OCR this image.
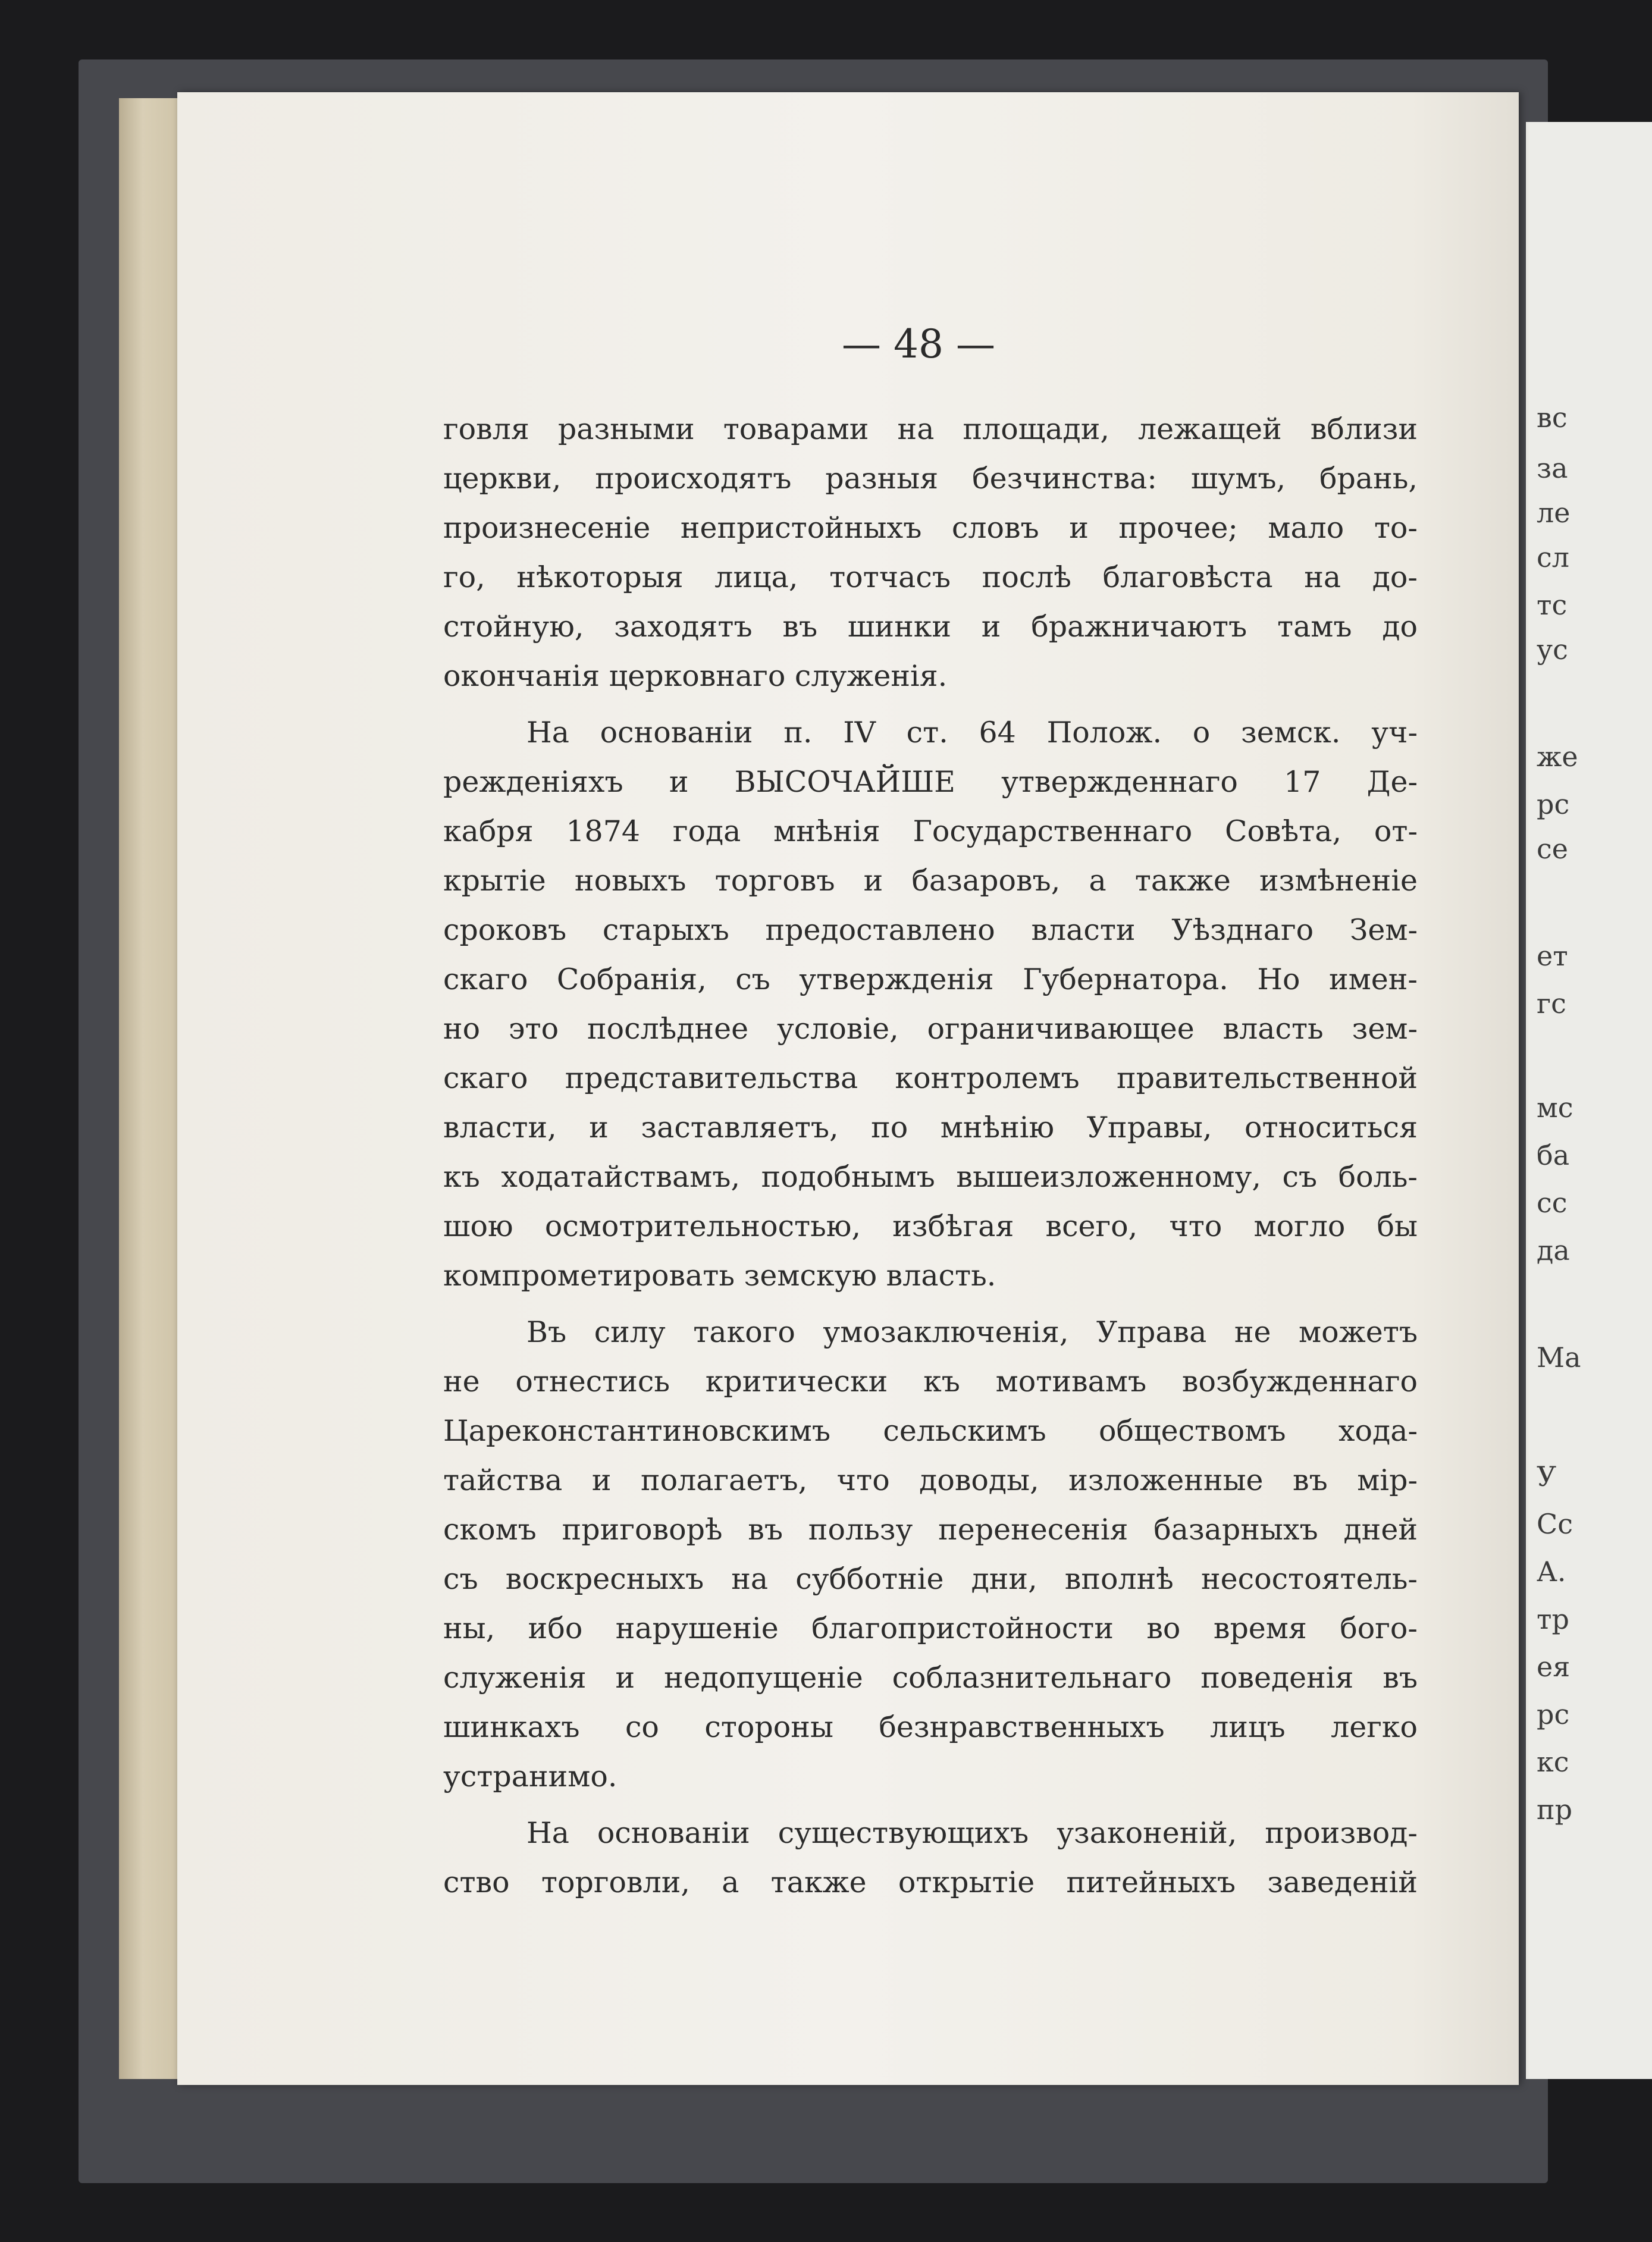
вс
за
ле
сл
тс
ус
же
рс
се
ет
гс
мс
ба
сс
да
Ма
У
Сс
А.
тр
ея
рс
кс
пр
— 48 —
говля разными товарами на площади, лежащей вблизи
церкви, происходятъ разныя безчинства: шумъ, брань,
произнесеніе непристойныхъ словъ и прочее; мало то-
го, нѣкоторыя лица, тотчасъ послѣ благовѣста на до-
стойную, заходятъ въ шинки и бражничаютъ тамъ до
окончанія церковнаго служенія.
На основаніи п. IV ст. 64 Полож. о земск. уч-
режденіяхъ и ВЫСОЧАЙШЕ утвержденнаго 17 Де-
кабря 1874 года мнѣнія Государственнаго Совѣта, от-
крытіе новыхъ торговъ и базаровъ, а также измѣненіе
сроковъ старыхъ предоставлено власти Уѣзднаго Зем-
скаго Собранія, съ утвержденія Губернатора. Но имен-
но это послѣднее условіе, ограничивающее власть зем-
скаго представительства контролемъ правительственной
власти, и заставляетъ, по мнѣнію Управы, относиться
къ ходатайствамъ, подобнымъ вышеизложенному, съ боль-
шою осмотрительностью, избѣгая всего, что могло бы
компрометировать земскую власть.
Въ силу такого умозаключенія, Управа не можетъ
не отнестись критически къ мотивамъ возбужденнаго
Цареконстантиновскимъ сельскимъ обществомъ хода-
тайства и полагаетъ, что доводы, изложенные въ мір-
скомъ приговорѣ въ пользу перенесенія базарныхъ дней
съ воскресныхъ на субботніе дни, вполнѣ несостоятель-
ны, ибо нарушеніе благопристойности во время бого-
служенія и недопущеніе соблазнительнаго поведенія въ
шинкахъ со стороны безнравственныхъ лицъ легко
устранимо.
На основаніи существующихъ узаконеній, производ-
ство торговли, а также открытіе питейныхъ заведеній
